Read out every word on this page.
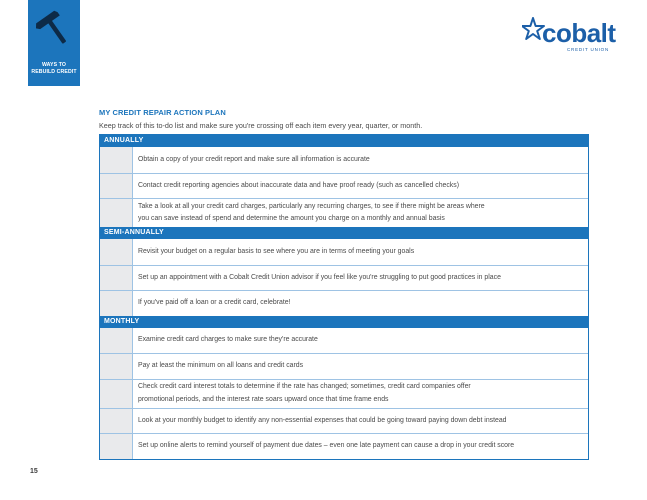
WAYS TO
REBUILD CREDIT
cobalt
CREDIT UNION
MY CREDIT REPAIR ACTION PLAN
Keep track of this to-do list and make sure you're crossing off each item every year, quarter, or month.
ANNUALLY
Obtain a copy of your credit report and make sure all information is accurate
Contact credit reporting agencies about inaccurate data and have proof ready (such as cancelled checks)
Take a look at all your credit card charges, particularly any recurring charges, to see if there might be areas where
you can save instead of spend and determine the amount you charge on a monthly and annual basis
SEMI-ANNUALLY
Revisit your budget on a regular basis to see where you are in terms of meeting your goals
Set up an appointment with a Cobalt Credit Union advisor if you feel like you're struggling to put good practices in place
If you've paid off a loan or a credit card, celebrate!
MONTHLY
Examine credit card charges to make sure they're accurate
Pay at least the minimum on all loans and credit cards
Check credit card interest totals to determine if the rate has changed; sometimes, credit card companies offer
promotional periods, and the interest rate soars upward once that time frame ends
Look at your monthly budget to identify any non-essential expenses that could be going toward paying down debt instead
Set up online alerts to remind yourself of payment due dates – even one late payment can cause a drop in your credit score
15
